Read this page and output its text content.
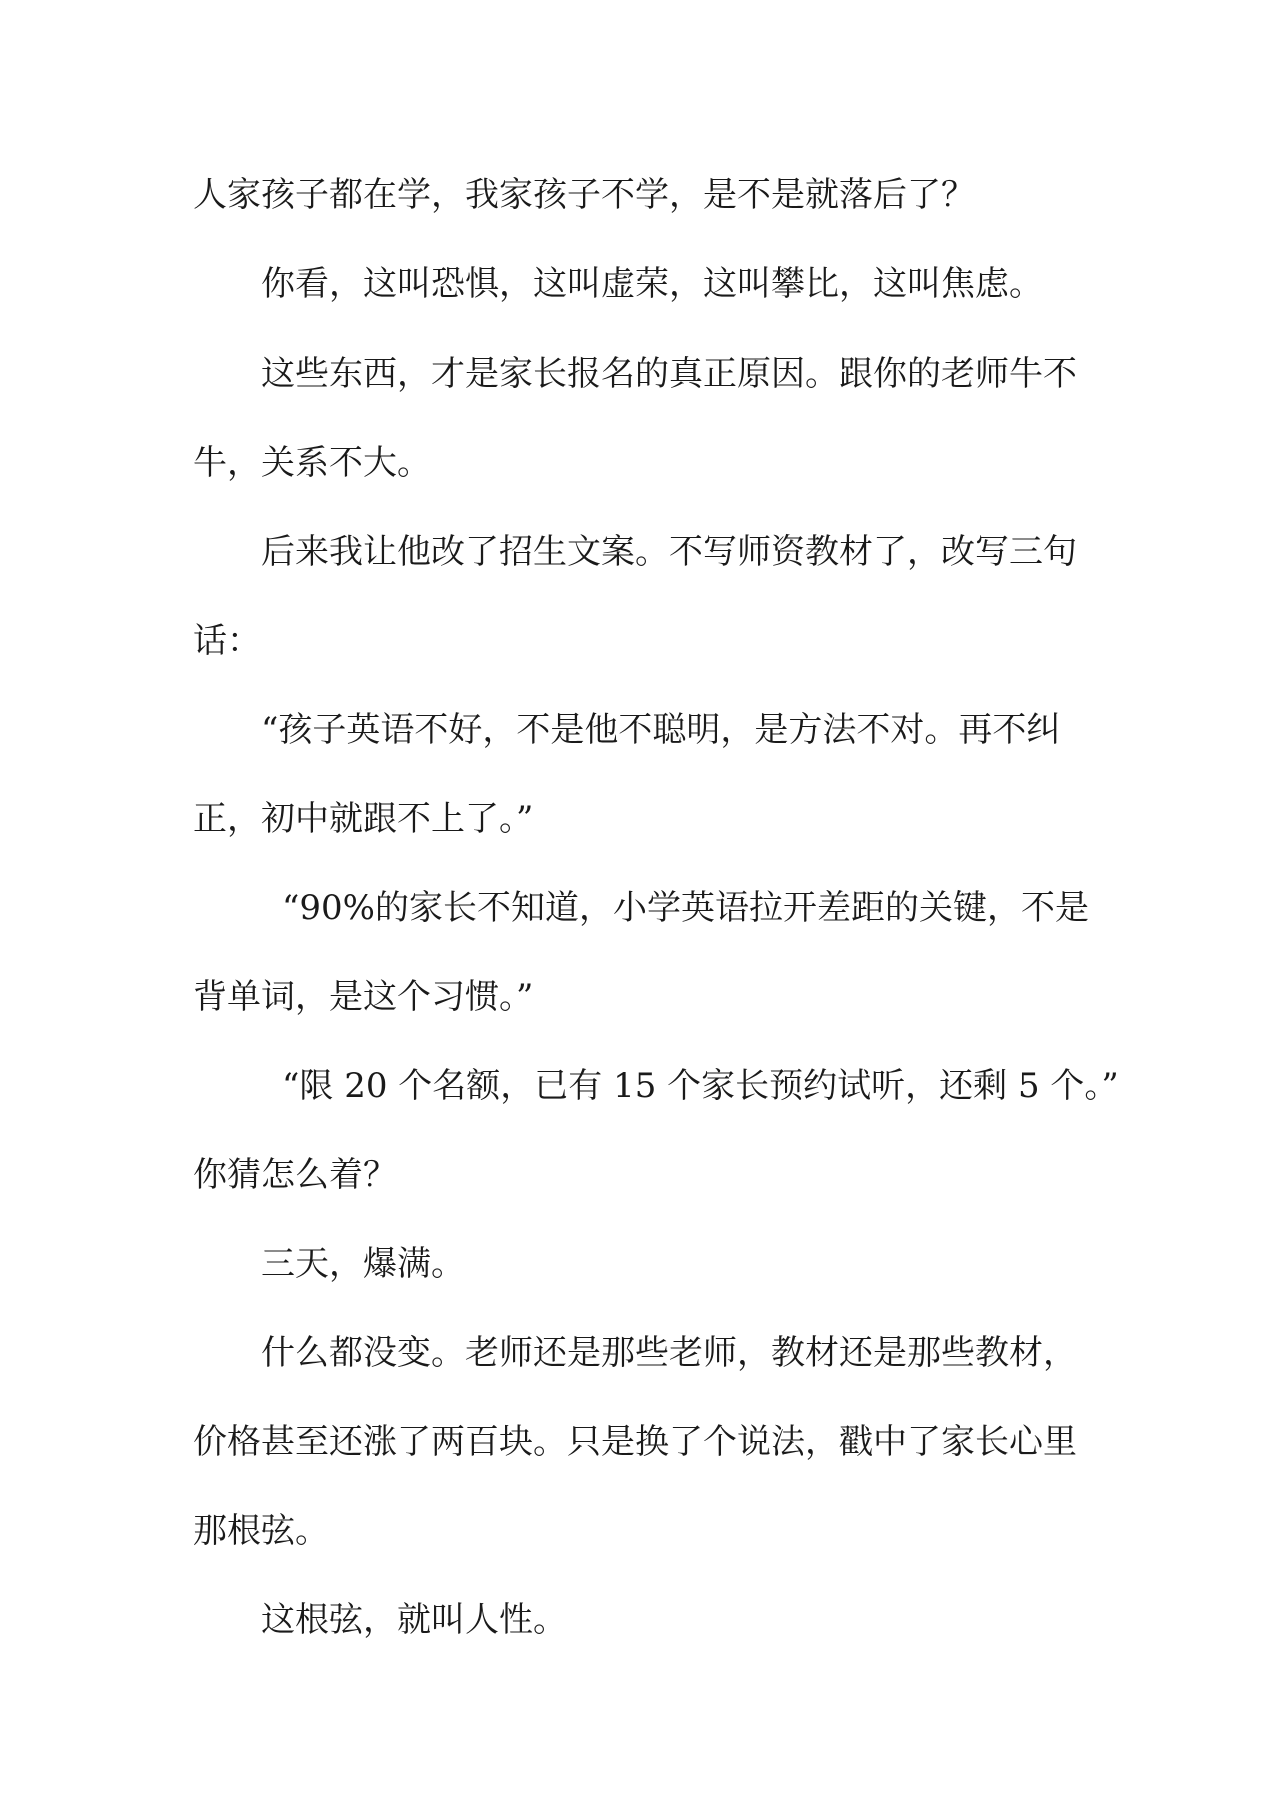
人家孩子都在学，我家孩子不学，是不是就落后了？

你看，这叫恐惧，这叫虚荣，这叫攀比，这叫焦虑。

这些东西，才是家长报名的真正原因。跟你的老师牛不

牛，关系不大。

后来我让他改了招生文案。不写师资教材了，改写三句

话：

“孩子英语不好，不是他不聪明，是方法不对。再不纠

正，初中就跟不上了。”

“90%的家长不知道，小学英语拉开差距的关键，不是

背单词，是这个习惯。”

“限 20 个名额，已有 15 个家长预约试听，还剩 5 个。”

你猜怎么着？

三天，爆满。

什么都没变。老师还是那些老师，教材还是那些教材，

价格甚至还涨了两百块。只是换了个说法，戳中了家长心里

那根弦。

这根弦，就叫人性。
